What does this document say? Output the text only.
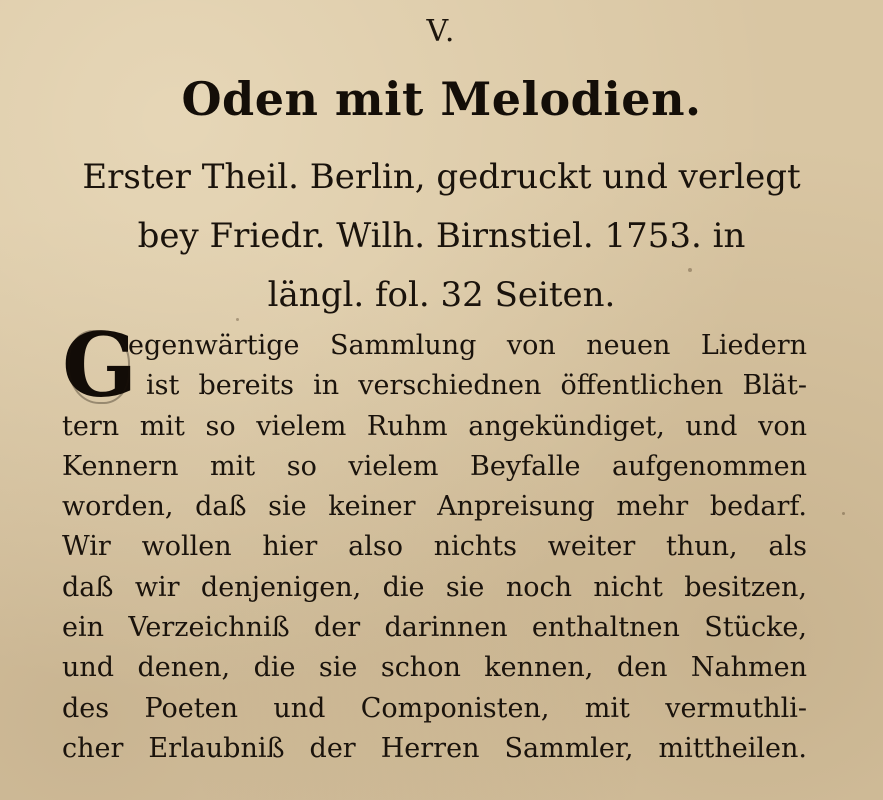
V.
Oden mit Melodien.
Erster Theil. Berlin, gedruckt und verlegt
bey Friedr. Wilh. Birnstiel. 1753. in
längl. fol. 32 Seiten.
G
egenwärtige Sammlung von neuen Liedern
ist bereits in verschiednen öffentlichen Blät-
tern mit so vielem Ruhm angekündiget, und von
Kennern mit so vielem Beyfalle aufgenommen
worden, daß sie keiner Anpreisung mehr bedarf.
Wir wollen hier also nichts weiter thun, als
daß wir denjenigen, die sie noch nicht besitzen,
ein Verzeichniß der darinnen enthaltnen Stücke,
und denen, die sie schon kennen, den Nahmen
des Poeten und Componisten, mit vermuthli-
cher Erlaubniß der Herren Sammler, mittheilen.
